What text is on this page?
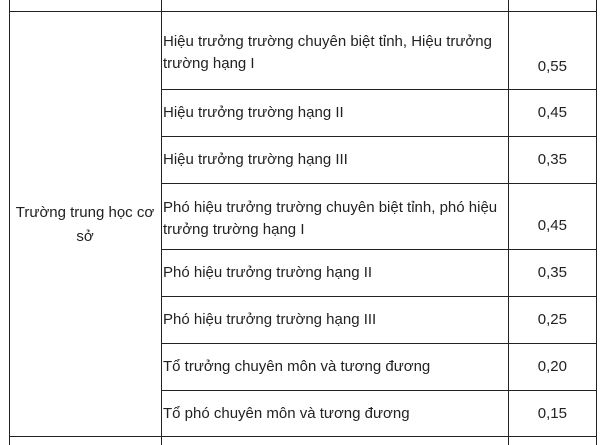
Trường trung học cơ sở
Hiệu trưởng trường chuyên biệt tỉnh, Hiệu trưởng trường hạng I	0,55
Hiệu trưởng trường hạng II	0,45
Hiệu trưởng trường hạng III	0,35
Phó hiệu trưởng trường chuyên biệt tỉnh, phó hiệu trưởng trường hạng I	0,45
Phó hiệu trưởng trường hạng II	0,35
Phó hiệu trưởng trường hạng III	0,25
Tổ trưởng chuyên môn và tương đương	0,20
Tổ phó chuyên môn và tương đương	0,15
